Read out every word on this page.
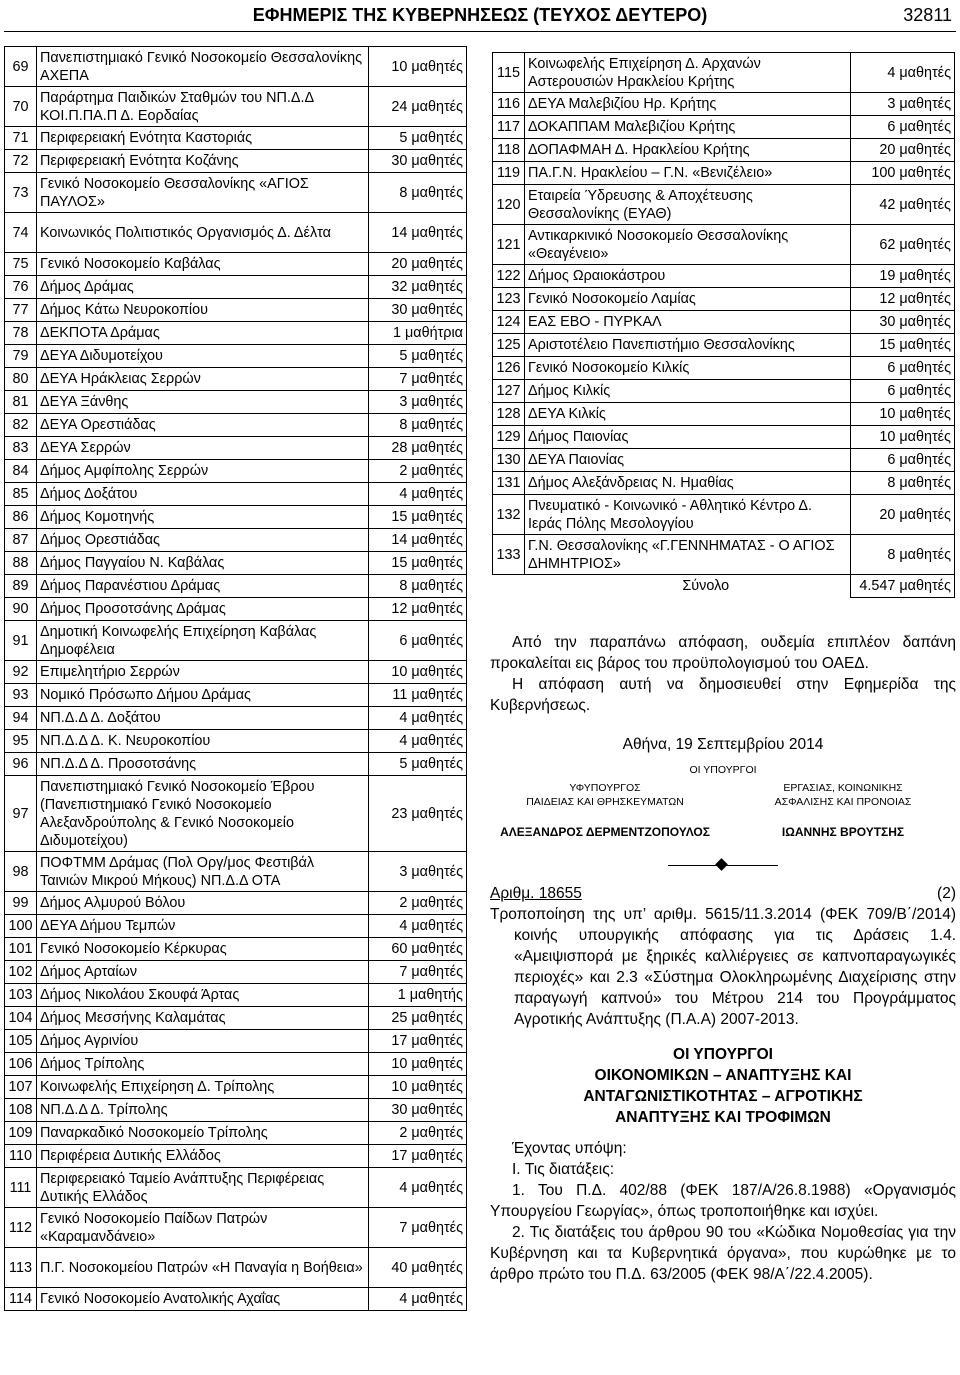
ΕΦΗΜΕΡΙΣ ΤΗΣ ΚΥΒΕΡΝΗΣΕΩΣ (ΤΕΥΧΟΣ ΔΕΥΤΕΡΟ)	32811
69	Πανεπιστημιακό Γενικό Νοσοκομείο Θεσσαλονίκης ΑΧΕΠΑ	10 μαθητές
70	Παράρτημα Παιδικών Σταθμών του ΝΠ.Δ.Δ ΚΟΙ.Π.ΠΑ.Π Δ. Εορδαίας	24 μαθητές
71	Περιφερειακή Ενότητα Καστοριάς	5 μαθητές
72	Περιφερειακή Ενότητα Κοζάνης	30 μαθητές
73	Γενικό Νοσοκομείο Θεσσαλονίκης «ΑΓΙΟΣ ΠΑΥΛΟΣ»	8 μαθητές
74	Κοινωνικός Πολιτιστικός Οργανισμός Δ. Δέλτα	14 μαθητές
75	Γενικό Νοσοκομείο Καβάλας	20 μαθητές
76	Δήμος Δράμας	32 μαθητές
77	Δήμος Κάτω Νευροκοπίου	30 μαθητές
78	ΔΕΚΠΟΤΑ Δράμας	1 μαθήτρια
79	ΔΕΥΑ Διδυμοτείχου	5 μαθητές
80	ΔΕΥΑ Ηράκλειας Σερρών	7 μαθητές
81	ΔΕΥΑ Ξάνθης	3 μαθητές
82	ΔΕΥΑ Ορεστιάδας	8 μαθητές
83	ΔΕΥΑ Σερρών	28 μαθητές
84	Δήμος Αμφίπολης Σερρών	2 μαθητές
85	Δήμος Δοξάτου	4 μαθητές
86	Δήμος Κομοτηνής	15 μαθητές
87	Δήμος Ορεστιάδας	14 μαθητές
88	Δήμος Παγγαίου Ν. Καβάλας	15 μαθητές
89	Δήμος Παρανέστιου Δράμας	8 μαθητές
90	Δήμος Προσοτσάνης Δράμας	12 μαθητές
91	Δημοτική Κοινωφελής Επιχείρηση Καβάλας Δημοφέλεια	6 μαθητές
92	Επιμελητήριο Σερρών	10 μαθητές
93	Νομικό Πρόσωπο Δήμου Δράμας	11 μαθητές
94	ΝΠ.Δ.Δ Δ. Δοξάτου	4 μαθητές
95	ΝΠ.Δ.Δ Δ. Κ. Νευροκοπίου	4 μαθητές
96	ΝΠ.Δ.Δ Δ. Προσοτσάνης	5 μαθητές
97	Πανεπιστημιακό Γενικό Νοσοκομείο Έβρου (Πανεπιστημιακό Γενικό Νοσοκομείο Αλεξανδρούπολης & Γενικό Νοσοκομείο Διδυμοτείχου)	23 μαθητές
98	ΠΟΦΤΜΜ Δράμας (Πολ Οργ/μος Φεστιβάλ Ταινιών Μικρού Μήκους) ΝΠ.Δ.Δ ΟΤΑ	3 μαθητές
99	Δήμος Αλμυρού Βόλου	2 μαθητές
100	ΔΕΥΑ Δήμου Τεμπών	4 μαθητές
101	Γενικό Νοσοκομείο Κέρκυρας	60 μαθητές
102	Δήμος Αρταίων	7 μαθητές
103	Δήμος Νικολάου Σκουφά Άρτας	1 μαθητής
104	Δήμος Μεσσήνης Καλαμάτας	25 μαθητές
105	Δήμος Αγρινίου	17 μαθητές
106	Δήμος Τρίπολης	10 μαθητές
107	Κοινωφελής Επιχείρηση Δ. Τρίπολης	10 μαθητές
108	ΝΠ.Δ.Δ Δ. Τρίπολης	30 μαθητές
109	Παναρκαδικό Νοσοκομείο Τρίπολης	2 μαθητές
110	Περιφέρεια Δυτικής Ελλάδος	17 μαθητές
111	Περιφερειακό Ταμείο Ανάπτυξης Περιφέρειας Δυτικής Ελλάδος	4 μαθητές
112	Γενικό Νοσοκομείο Παίδων Πατρών «Καραμανδάνειο»	7 μαθητές
113	Π.Γ. Νοσοκομείου Πατρών «Η Παναγία η Βοήθεια»	40 μαθητές
114	Γενικό Νοσοκομείο Ανατολικής Αχαΐας	4 μαθητές
115	Κοινωφελής Επιχείρηση Δ. Αρχανών Αστερουσιών Ηρακλείου Κρήτης	4 μαθητές
116	ΔΕΥΑ Μαλεβιζίου Ηρ. Κρήτης	3 μαθητές
117	ΔΟΚΑΠΠΑΜ Μαλεβιζίου Κρήτης	6 μαθητές
118	ΔΟΠΑΦΜΑΗ Δ. Ηρακλείου Κρήτης	20 μαθητές
119	ΠΑ.Γ.Ν. Ηρακλείου – Γ.Ν. «Βενιζέλειο»	100 μαθητές
120	Εταιρεία Ύδρευσης & Αποχέτευσης Θεσσαλονίκης (ΕΥΑΘ)	42 μαθητές
121	Αντικαρκινικό Νοσοκομείο Θεσσαλονίκης «Θεαγένειο»	62 μαθητές
122	Δήμος Ωραιοκάστρου	19 μαθητές
123	Γενικό Νοσοκομείο Λαμίας	12 μαθητές
124	ΕΑΣ ΕΒΟ - ΠΥΡΚΑΛ	30 μαθητές
125	Αριστοτέλειο Πανεπιστήμιο Θεσσαλονίκης	15 μαθητές
126	Γενικό Νοσοκομείο Κιλκίς	6 μαθητές
127	Δήμος Κιλκίς	6 μαθητές
128	ΔΕΥΑ Κιλκίς	10 μαθητές
129	Δήμος Παιονίας	10 μαθητές
130	ΔΕΥΑ Παιονίας	6 μαθητές
131	Δήμος Αλεξάνδρειας Ν. Ημαθίας	8 μαθητές
132	Πνευματικό - Κοινωνικό - Αθλητικό Κέντρο Δ. Ιεράς Πόλης Μεσολογγίου	20 μαθητές
133	Γ.Ν. Θεσσαλονίκης «Γ.ΓΕΝΝΗΜΑΤΑΣ - Ο ΑΓΙΟΣ ΔΗΜΗΤΡΙΟΣ»	8 μαθητές
	Σύνολο	4.547 μαθητές

Από την παραπάνω απόφαση, ουδεμία επιπλέον δαπάνη προκαλείται εις βάρος του προϋπολογισμού του ΟΑΕΔ.

Η απόφαση αυτή να δημοσιευθεί στην Εφημερίδα της Κυβερνήσεως.

Αθήνα, 19 Σεπτεμβρίου 2014

ΟΙ ΥΠΟΥΡΓΟΙ
ΥΦΥΠΟΥΡΓΟΣ
ΠΑΙΔΕΙΑΣ ΚΑΙ ΘΡΗΣΚΕΥΜΑΤΩΝ
ΑΛΕΞΑΝΔΡΟΣ ΔΕΡΜΕΝΤΖΟΠΟΥΛΟΣ
ΕΡΓΑΣΙΑΣ, ΚΟΙΝΩΝΙΚΗΣ
ΑΣΦΑΛΙΣΗΣ ΚΑΙ ΠΡΟΝΟΙΑΣ
ΙΩΑΝΝΗΣ ΒΡΟΥΤΣΗΣ

Αριθμ. 18655	(2)

Τροποποίηση της υπ’ αριθμ. 5615/11.3.2014 (ΦΕΚ 709/Β΄/2014) κοινής υπουργικής απόφασης για τις Δράσεις 1.4. «Αμειψισπορά με ξηρικές καλλιέργειες σε καπνοπαραγωγικές περιοχές» και 2.3 «Σύστημα Ολοκληρωμένης Διαχείρισης στην παραγωγή καπνού» του Μέτρου 214 του Προγράμματος Αγροτικής Ανάπτυξης (Π.Α.Α) 2007-2013.

ΟΙ ΥΠΟΥΡΓΟΙ
ΟΙΚΟΝΟΜΙΚΩΝ – ΑΝΑΠΤΥΞΗΣ ΚΑΙ
ΑΝΤΑΓΩΝΙΣΤΙΚΟΤΗΤΑΣ – ΑΓΡΟΤΙΚΗΣ
ΑΝΑΠΤΥΞΗΣ ΚΑΙ ΤΡΟΦΙΜΩΝ

Έχοντας υπόψη:

I. Τις διατάξεις:

1. Του Π.Δ. 402/88 (ΦΕΚ 187/Α/26.8.1988) «Οργανισμός Υπουργείου Γεωργίας», όπως τροποποιήθηκε και ισχύει.

2. Τις διατάξεις του άρθρου 90 του «Κώδικα Νομοθεσίας για την Κυβέρνηση και τα Κυβερνητικά όργανα», που κυρώθηκε με το άρθρο πρώτο του Π.Δ. 63/2005 (ΦΕΚ 98/Α΄/22.4.2005).
